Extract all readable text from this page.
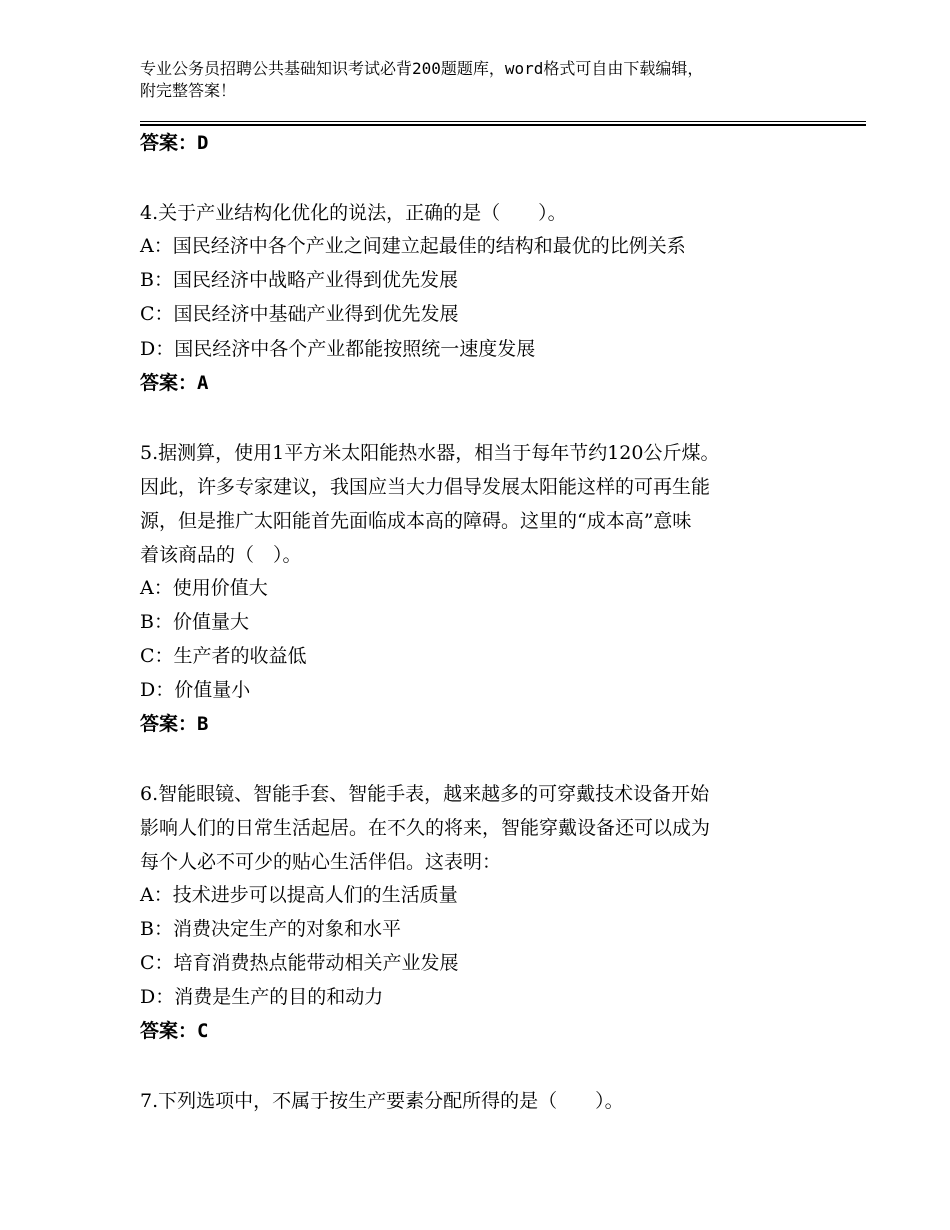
专业公务员招聘公共基础知识考试必背200题题库，word格式可自由下载编辑，
附完整答案！
答案：D
4.关于产业结构化优化的说法，正确的是（　　）。
A：国民经济中各个产业之间建立起最佳的结构和最优的比例关系
B：国民经济中战略产业得到优先发展
C：国民经济中基础产业得到优先发展
D：国民经济中各个产业都能按照统一速度发展
答案：A
5.据测算，使用1平方米太阳能热水器，相当于每年节约120公斤煤。
因此，许多专家建议，我国应当大力倡导发展太阳能这样的可再生能
源，但是推广太阳能首先面临成本高的障碍。这里的“成本高”意味
着该商品的（　）。
A：使用价值大
B：价值量大
C：生产者的收益低
D：价值量小
答案：B
6.智能眼镜、智能手套、智能手表，越来越多的可穿戴技术设备开始
影响人们的日常生活起居。在不久的将来，智能穿戴设备还可以成为
每个人必不可少的贴心生活伴侣。这表明：
A：技术进步可以提高人们的生活质量
B：消费决定生产的对象和水平
C：培育消费热点能带动相关产业发展
D：消费是生产的目的和动力
答案：C
7.下列选项中，不属于按生产要素分配所得的是（　　）。
